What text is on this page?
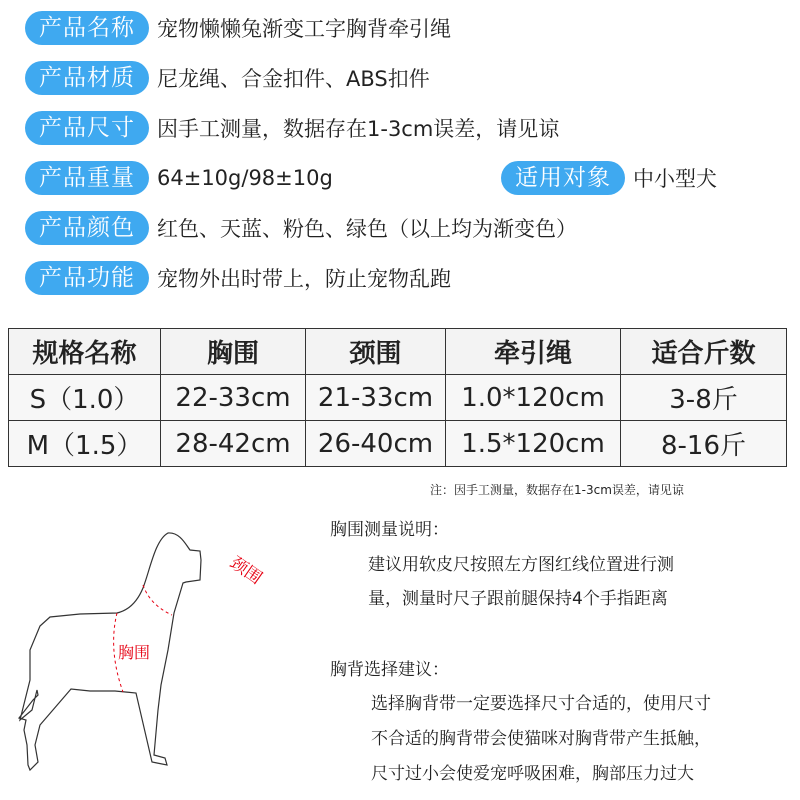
产品名称	宠物懒懒兔渐变工字胸背牵引绳
产品材质	尼龙绳、合金扣件、ABS扣件
产品尺寸	因手工测量，数据存在1-3cm误差，请见谅
产品重量	64±10g/98±10g	适用对象	中小型犬
产品颜色	红色、天蓝、粉色、绿色（以上均为渐变色）
产品功能	宠物外出时带上，防止宠物乱跑
规格名称	胸围	颈围	牵引绳	适合斤数
S（1.0）	22-33cm	21-33cm	1.0*120cm	3-8斤
M（1.5）	28-42cm	26-40cm	1.5*120cm	8-16斤
注：因手工测量，数据存在1-3cm误差，请见谅
颈围
胸围
胸围测量说明：
建议用软皮尺按照左方图红线位置进行测
量，测量时尺子跟前腿保持4个手指距离
胸背选择建议：
选择胸背带一定要选择尺寸合适的，使用尺寸
不合适的胸背带会使猫咪对胸背带产生抵触，
尺寸过小会使爱宠呼吸困难，胸部压力过大
